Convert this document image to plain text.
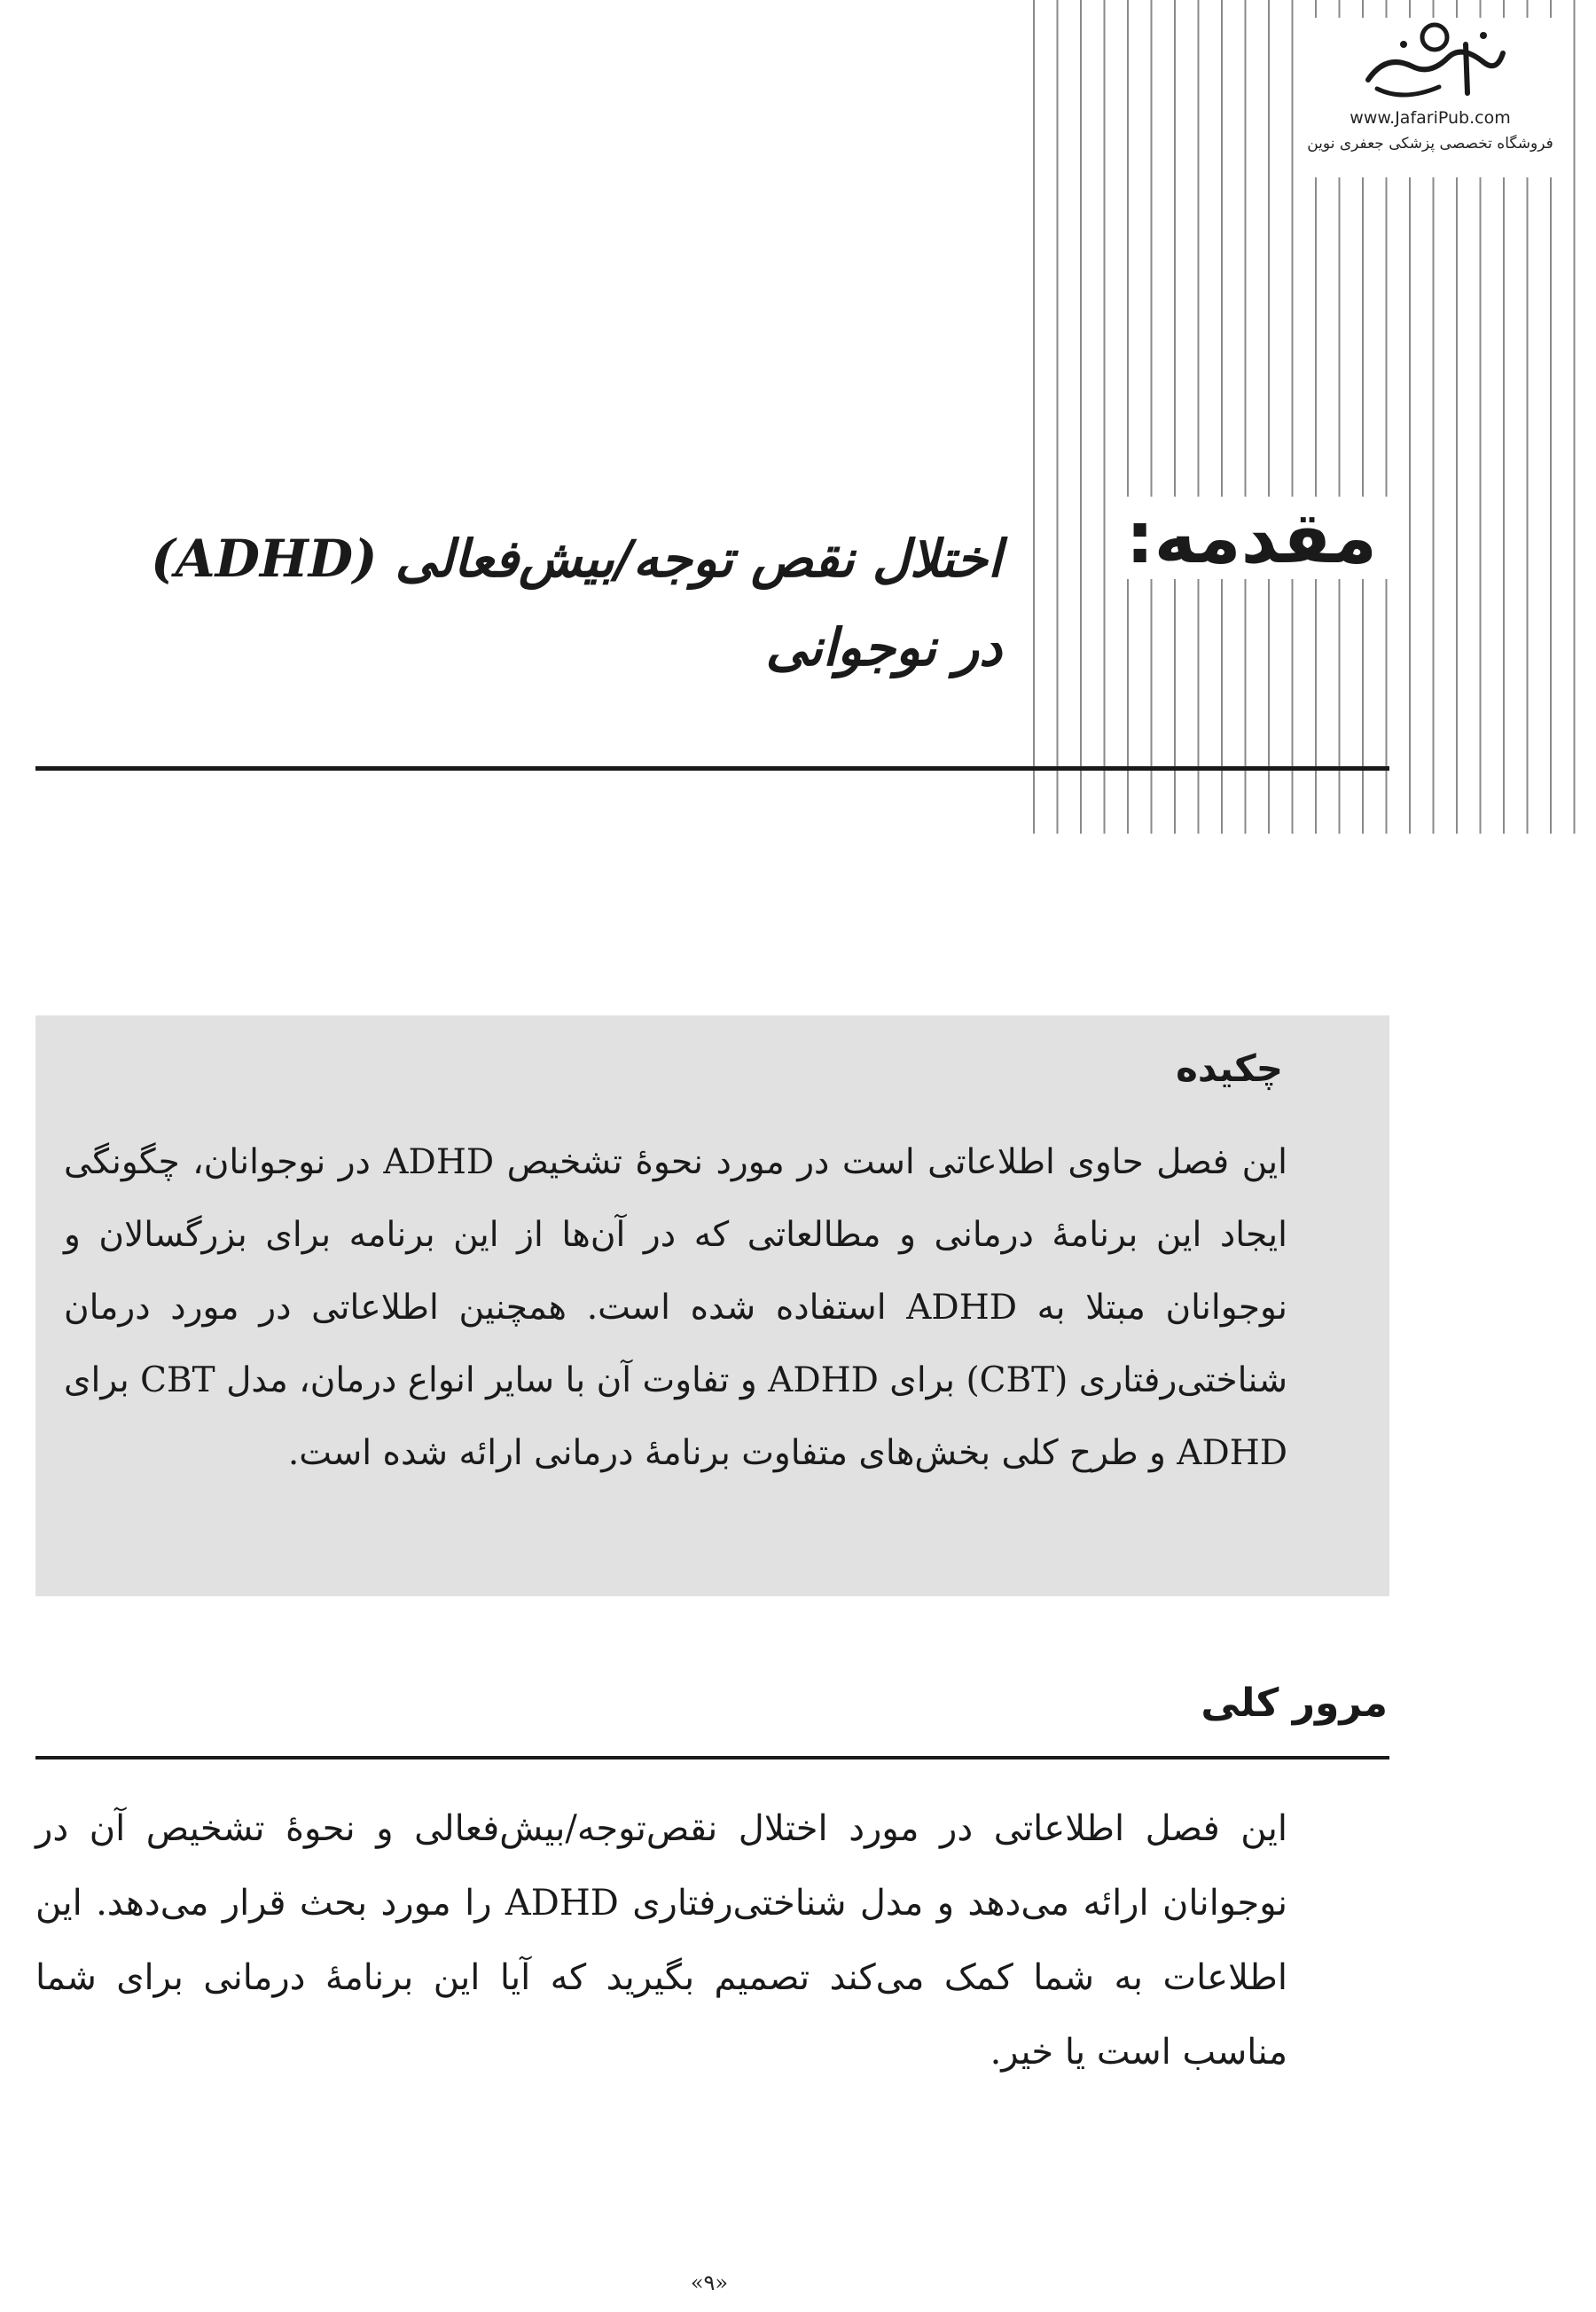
www.JafariPub.com
فروشگاه تخصصی پزشکی جعفری نوین
مقدمه:
اختلال نقص توجه/بیش‌فعالی (ADHD)
در نوجوانی
چکیده
این فصل حاوی اطلاعاتی است در مورد نحوۀ تشخیص ADHD در نوجوانان، چگونگی ایجاد این برنامۀ درمانی و مطالعاتی که در آن‌ها از این برنامه برای بزرگسالان و نوجوانان مبتلا به ADHD استفاده شده است. همچنین اطلاعاتی در مورد درمان شناختی‌رفتاری (CBT) برای ADHD و تفاوت آن با سایر انواع درمان، مدل CBT برای ADHD و طرح کلی بخش‌های متفاوت برنامۀ درمانی ارائه شده است.
مرور کلی
این فصل اطلاعاتی در مورد اختلال نقص‌توجه/بیش‌فعالی و نحوۀ تشخیص آن در نوجوانان ارائه می‌دهد و مدل شناختی‌رفتاری ADHD را مورد بحث قرار می‌دهد. این اطلاعات به شما کمک می‌کند تصمیم بگیرید که آیا این برنامۀ درمانی برای شما مناسب است یا خیر.
«۹»
